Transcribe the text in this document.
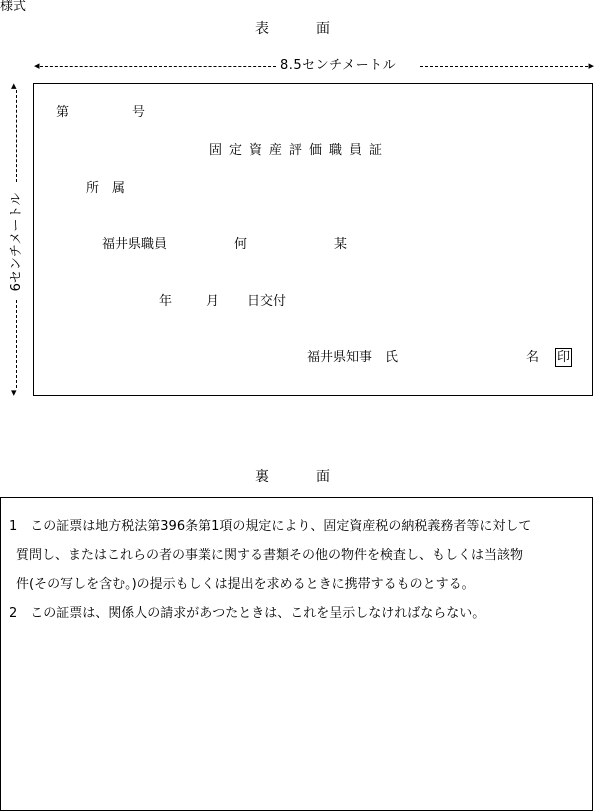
様式
表	面
◂	8.5センチメートル	▸
▴
6センチメートル
▾
第	号
固定資産評価職員証
所　属
福井県職員	何	某
年	月 日交付
福井県知事　氏	名 印
裏	面
1　この証票は地方税法第396条第1項の規定により、固定資産税の納税義務者等に対して
質問し、またはこれらの者の事業に関する書類その他の物件を検査し、もしくは当該物
件(その写しを含む。)の提示もしくは提出を求めるときに携帯するものとする。
2　この証票は、関係人の請求があつたときは、これを呈示しなければならない。
